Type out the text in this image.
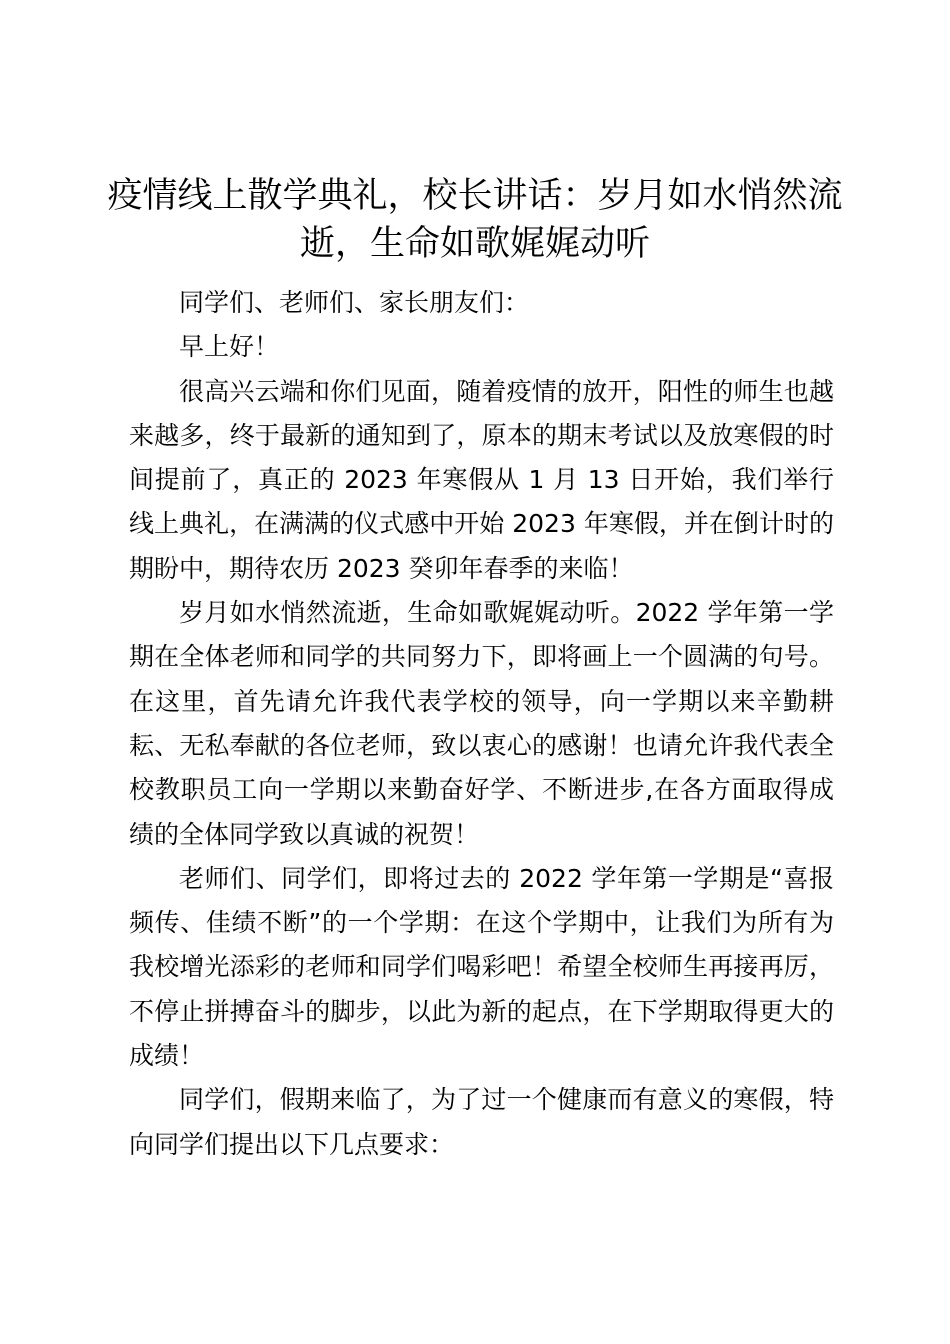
疫情线上散学典礼，校长讲话：岁月如水悄然流逝，生命如歌娓娓动听

同学们、老师们、家长朋友们：

早上好！

很高兴云端和你们见面，随着疫情的放开，阳性的师生也越来越多，终于最新的通知到了，原本的期末考试以及放寒假的时间提前了，真正的 2023 年寒假从 1 月 13 日开始，我们举行线上典礼，在满满的仪式感中开始 2023 年寒假，并在倒计时的期盼中，期待农历 2023 癸卯年春季的来临！

岁月如水悄然流逝，生命如歌娓娓动听。2022 学年第一学期在全体老师和同学的共同努力下，即将画上一个圆满的句号。在这里，首先请允许我代表学校的领导，向一学期以来辛勤耕耘、无私奉献的各位老师，致以衷心的感谢！也请允许我代表全校教职员工向一学期以来勤奋好学、不断进步,在各方面取得成绩的全体同学致以真诚的祝贺！

老师们、同学们，即将过去的 2022 学年第一学期是“喜报频传、佳绩不断”的一个学期：在这个学期中，让我们为所有为我校增光添彩的老师和同学们喝彩吧！希望全校师生再接再厉，不停止拼搏奋斗的脚步，以此为新的起点，在下学期取得更大的成绩！

同学们，假期来临了，为了过一个健康而有意义的寒假，特向同学们提出以下几点要求：
